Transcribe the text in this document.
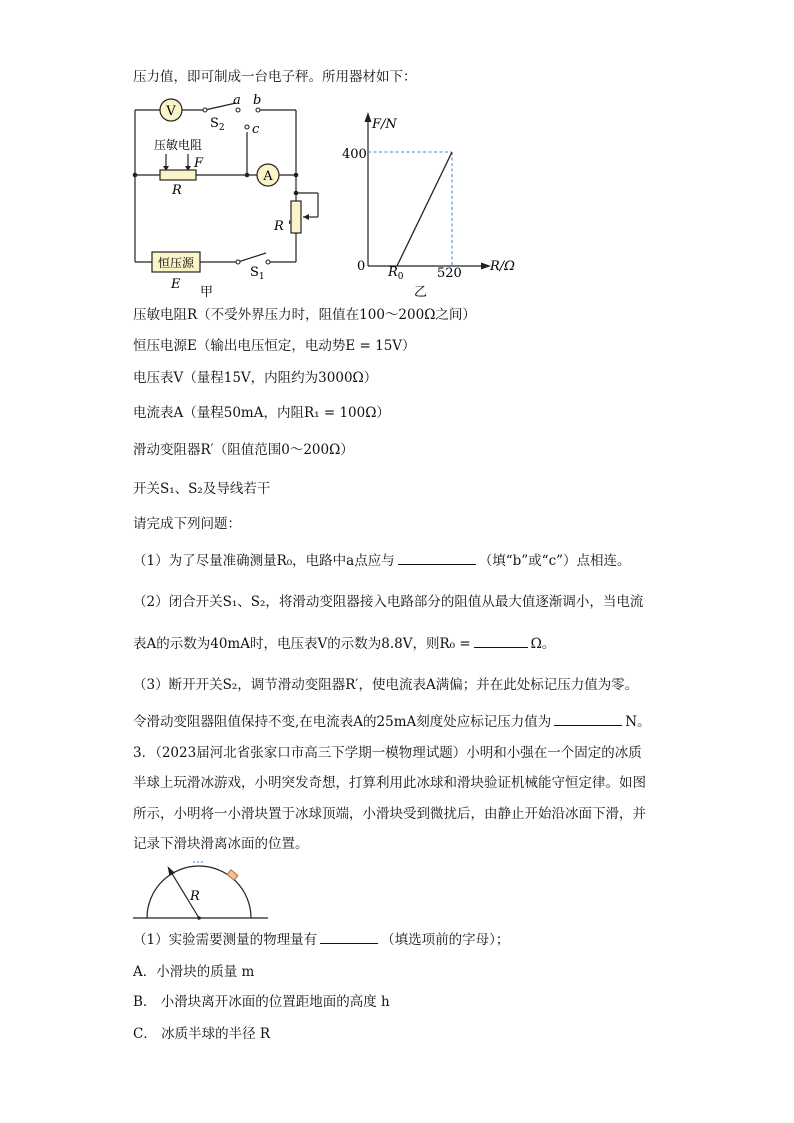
压力值，即可制成一台电子秤。所用器材如下：
V
A
$S_2$
$S_1$
a b
c
压敏电阻
F
R
R '
恒压源
E
甲
F/N
400
0 $R_0$	520 R/Ω
乙
压敏电阻R（不受外界压力时，阻值在100～200Ω之间）
恒压电源E（输出电压恒定，电动势E = 15V）
电压表V（量程15V，内阻约为3000Ω）
电流表A（量程50mA，内阻R₁ = 100Ω）
滑动变阻器R′（阻值范围0～200Ω）
开关S₁、S₂及导线若干
请完成下列问题：
（1）为了尽量准确测量R₀，电路中a点应与	（填“b”或“c”）点相连。
（2）闭合开关S₁、S₂，将滑动变阻器接入电路部分的阻值从最大值逐渐调小，当电流
表A的示数为40mA时，电压表V的示数为8.8V，则R₀ =	Ω。
（3）断开开关S₂，调节滑动变阻器R′，使电流表A满偏；并在此处标记压力值为零。
令滑动变阻器阻值保持不变,在电流表A的25mA刻度处应标记压力值为	N。
3．（2023届河北省张家口市高三下学期一模物理试题）小明和小强在一个固定的冰质
半球上玩滑冰游戏，小明突发奇想，打算利用此冰球和滑块验证机械能守恒定律。如图
所示，小明将一小滑块置于冰球顶端，小滑块受到微扰后，由静止开始沿冰面下滑，并
记录下滑块滑离冰面的位置。
R
（1）实验需要测量的物理量有	（填选项前的字母）；
A．小滑块的质量 m
B． 小滑块离开冰面的位置距地面的高度 h
C． 冰质半球的半径 R
